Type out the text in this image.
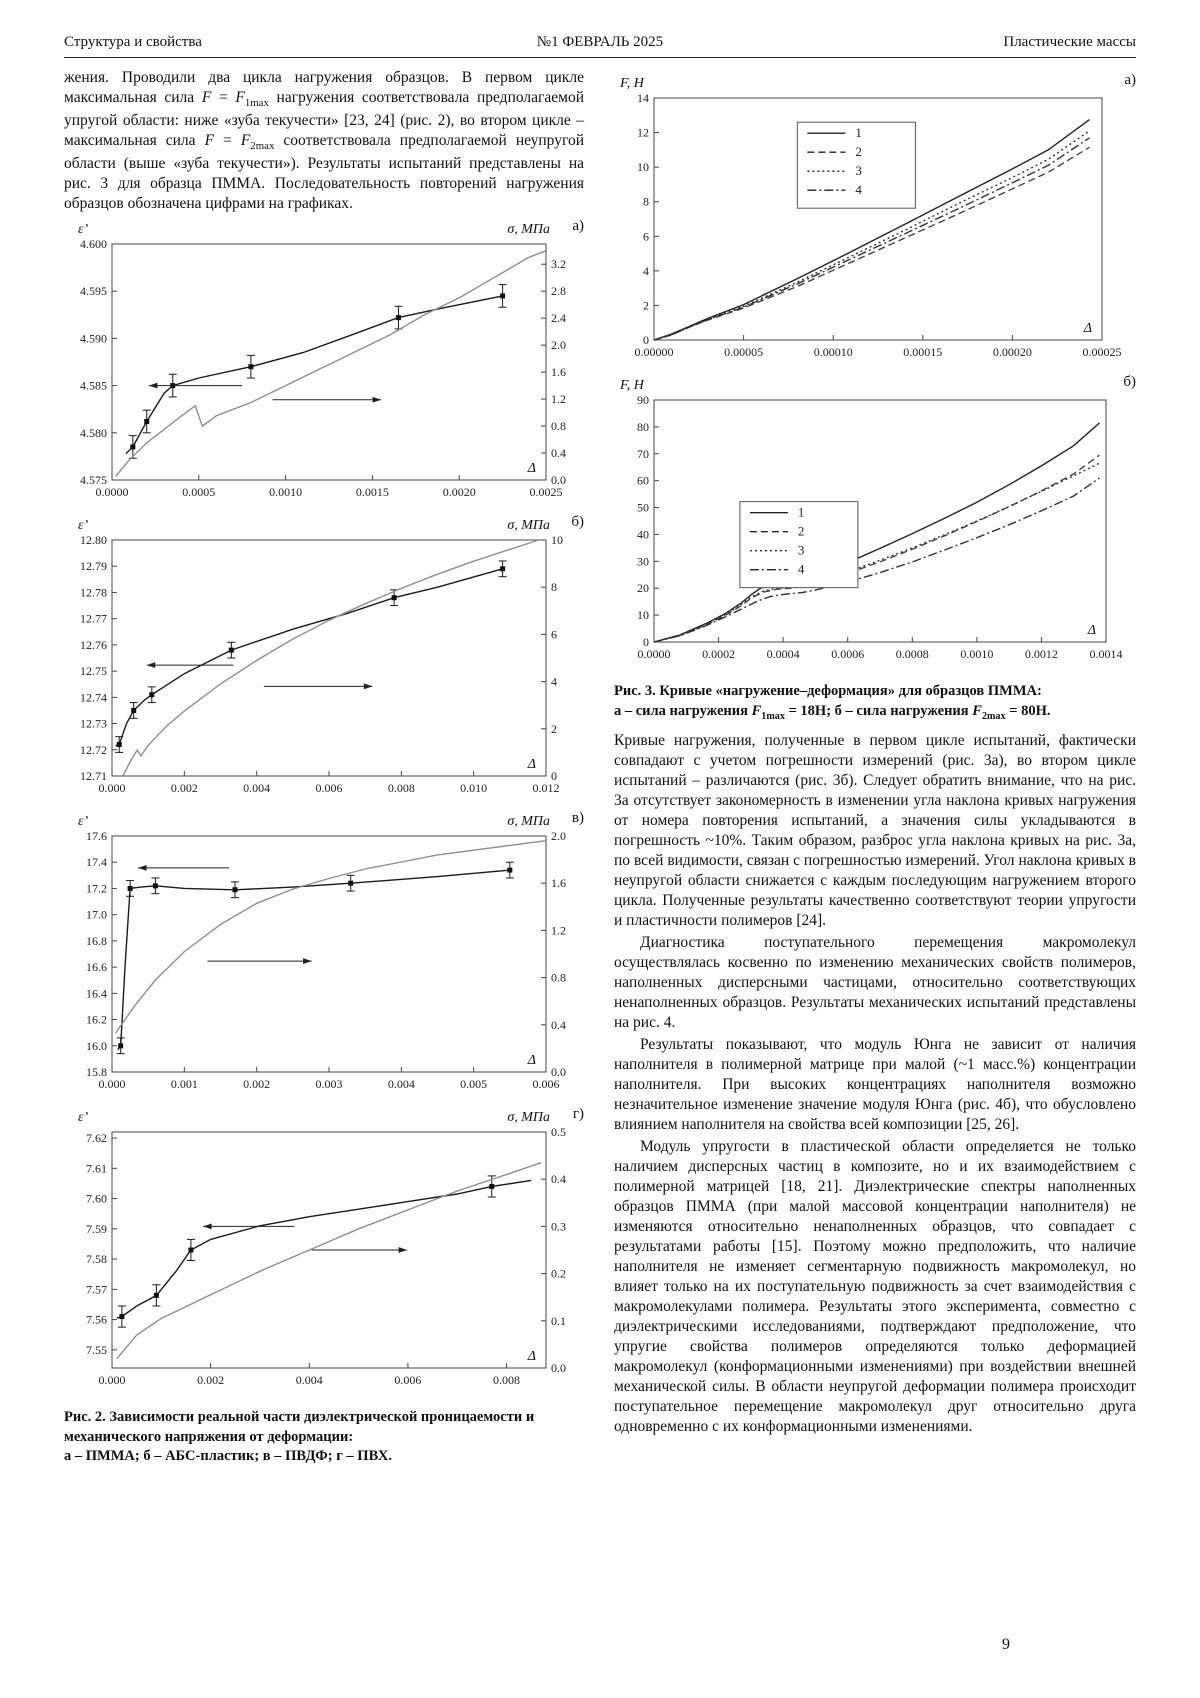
Структура и свойства	№1 ФЕВРАЛЬ 2025	Пластические массы

жения. Проводили два цикла нагружения образцов. В первом цикле максимальная сила $F = F_{1max}$ нагружения соответствовала предполагаемой упругой области: ниже «зуба текучести» [23, 24] (рис. 2), во втором цикле – максимальная сила $F = F_{2max}$ соответствовала предполагаемой неупругой области (выше «зуба текучести»). Результаты испытаний представлены на рис. 3 для образца ПММА. Последовательность повторений нагружения образцов обозначена цифрами на графиках.

а)
0.0000	0.0005	0.0010	0.0015	0.0020	0.0025
4.575
4.580
4.585
4.590
4.595
4.600
0.0
0.4
0.8
1.2
1.6
2.0
2.4
2.8
3.2
ε’	σ, МПа
Δ
б)
0.000	0.002	0.004	0.006	0.008	0.010	0.012
12.71
12.72
12.73
12.74
12.75
12.76
12.77
12.78
12.79
12.80
0
2
4
6
8
10
ε’	σ, МПа
Δ
в)
0.000	0.001	0.002	0.003	0.004	0.005	0.006
15.8
16.0
16.2
16.4
16.6
16.8
17.0
17.2
17.4
17.6
0.0
0.4
0.8
1.2
1.6
2.0
ε’	σ, МПа
Δ
г)
0.000	0.002	0.004	0.006	0.008
7.55
7.56
7.57
7.58
7.59
7.60
7.61
7.62
0.0
0.1
0.2
0.3
0.4
0.5
ε’	σ, МПа
Δ
Рис. 2. Зависимости реальной части диэлектрической проницаемости и механического напряжения от деформации:
а – ПММА; б – АБС-пластик; в – ПВДФ; г – ПВХ.
а)
0.00000	0.00005	0.00010	0.00015	0.00020	0.00025
0
2
4
6
8
10
12
14
1
2
3
4
F, Н
Δ
б)
0.0000	0.0002	0.0004	0.0006	0.0008	0.0010	0.0012	0.0014
0
10
20
30
40
50
60
70
80
90
1
2
3
4
F, Н
Δ
Рис. 3. Кривые «нагружение–деформация» для образцов ПММА:
а – сила нагружения $F_{1max} = 18Н$; б – сила нагружения $F_{2max} = 80Н$.

Кривые нагружения, полученные в первом цикле испытаний, фактически совпадают с учетом погрешности измерений (рис. 3а), во втором цикле испытаний – различаются (рис. 3б). Следует обратить внимание, что на рис. 3а отсутствует закономерность в изменении угла наклона кривых нагружения от номера повторения испытаний, а значения силы укладываются в погрешность ~10%. Таким образом, разброс угла наклона кривых на рис. 3а, по всей видимости, связан с погрешностью измерений. Угол наклона кривых в неупругой области снижается с каждым последующим нагружением второго цикла. Полученные результаты качественно соответствуют теории упругости и пластичности полимеров [24].

Диагностика поступательного перемещения макромолекул осуществлялась косвенно по изменению механических свойств полимеров, наполненных дисперсными частицами, относительно соответствующих ненаполненных образцов. Результаты механических испытаний представлены на рис. 4.

Результаты показывают, что модуль Юнга не зависит от наличия наполнителя в полимерной матрице при малой (~1 масс.%) концентрации наполнителя. При высоких концентрациях наполнителя возможно незначительное изменение значение модуля Юнга (рис. 4б), что обусловлено влиянием наполнителя на свойства всей композиции [25, 26].

Модуль упругости в пластической области определяется не только наличием дисперсных частиц в композите, но и их взаимодействием с полимерной матрицей [18, 21]. Диэлектрические спектры наполненных образцов ПММА (при малой массовой концентрации наполнителя) не изменяются относительно ненаполненных образцов, что совпадает с результатами работы [15]. Поэтому можно предположить, что наличие наполнителя не изменяет сегментарную подвижность макромолекул, но влияет только на их поступательную подвижность за счет взаимодействия с макромолекулами полимера. Результаты этого эксперимента, совместно с диэлектрическими исследованиями, подтверждают предположение, что упругие свойства полимеров определяются только деформацией макромолекул (конформационными изменениями) при воздействии внешней механической силы. В области неупругой деформации полимера происходит поступательное перемещение макромолекул друг относительно друга одновременно с их конформационными изменениями.

9
